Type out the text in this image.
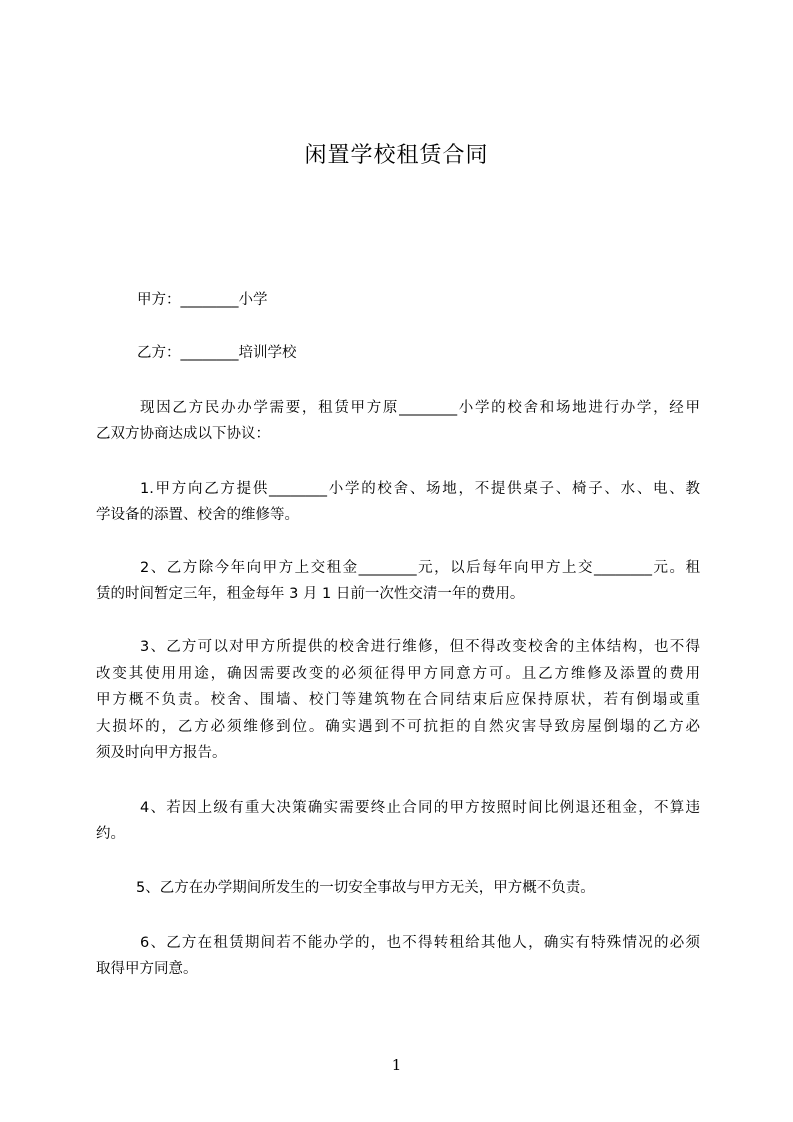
闲置学校租赁合同
甲方：________小学
乙方：________培训学校
现因乙方民办办学需要，租赁甲方原________小学的校舍和场地进行办学，经甲
乙双方协商达成以下协议：
1.甲方向乙方提供________小学的校舍、场地，不提供桌子、椅子、水、电、教
学设备的添置、校舍的维修等。
2、乙方除今年向甲方上交租金________元，以后每年向甲方上交________元。租
赁的时间暂定三年，租金每年 3 月 1 日前一次性交清一年的费用。
3、乙方可以对甲方所提供的校舍进行维修，但不得改变校舍的主体结构，也不得
改变其使用用途，确因需要改变的必须征得甲方同意方可。且乙方维修及添置的费用
甲方概不负责。校舍、围墙、校门等建筑物在合同结束后应保持原状，若有倒塌或重
大损坏的，乙方必须维修到位。确实遇到不可抗拒的自然灾害导致房屋倒塌的乙方必
须及时向甲方报告。
4、若因上级有重大决策确实需要终止合同的甲方按照时间比例退还租金，不算违
约。
5、乙方在办学期间所发生的一切安全事故与甲方无关，甲方概不负责。
6、乙方在租赁期间若不能办学的，也不得转租给其他人，确实有特殊情况的必须
取得甲方同意。
1
